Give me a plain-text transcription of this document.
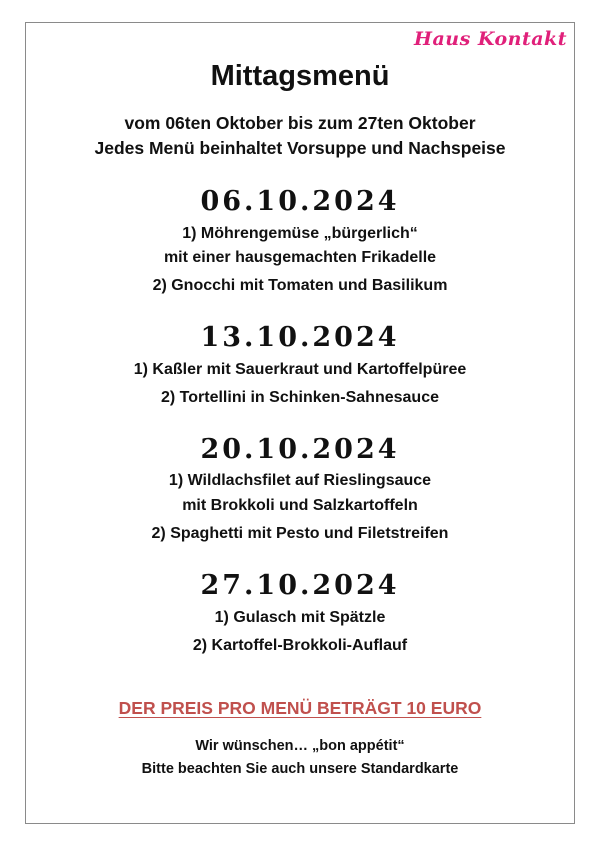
Haus Kontakt
Mittagsmenü
vom 06ten Oktober bis zum 27ten Oktober
Jedes Menü beinhaltet Vorsuppe und Nachspeise
06.10.2024
1) Möhrengemüse „bürgerlich“
mit einer hausgemachten Frikadelle
2) Gnocchi mit Tomaten und Basilikum
13.10.2024
1) Kaßler mit Sauerkraut und Kartoffelpüree
2) Tortellini in Schinken-Sahnesauce
20.10.2024
1) Wildlachsfilet auf Rieslingsauce
mit Brokkoli und Salzkartoffeln
2) Spaghetti mit Pesto und Filetstreifen
27.10.2024
1) Gulasch mit Spätzle
2) Kartoffel-Brokkoli-Auflauf
DER PREIS PRO MENÜ BETRÄGT 10 EURO
Wir wünschen… „bon appétit“
Bitte beachten Sie auch unsere Standardkarte
